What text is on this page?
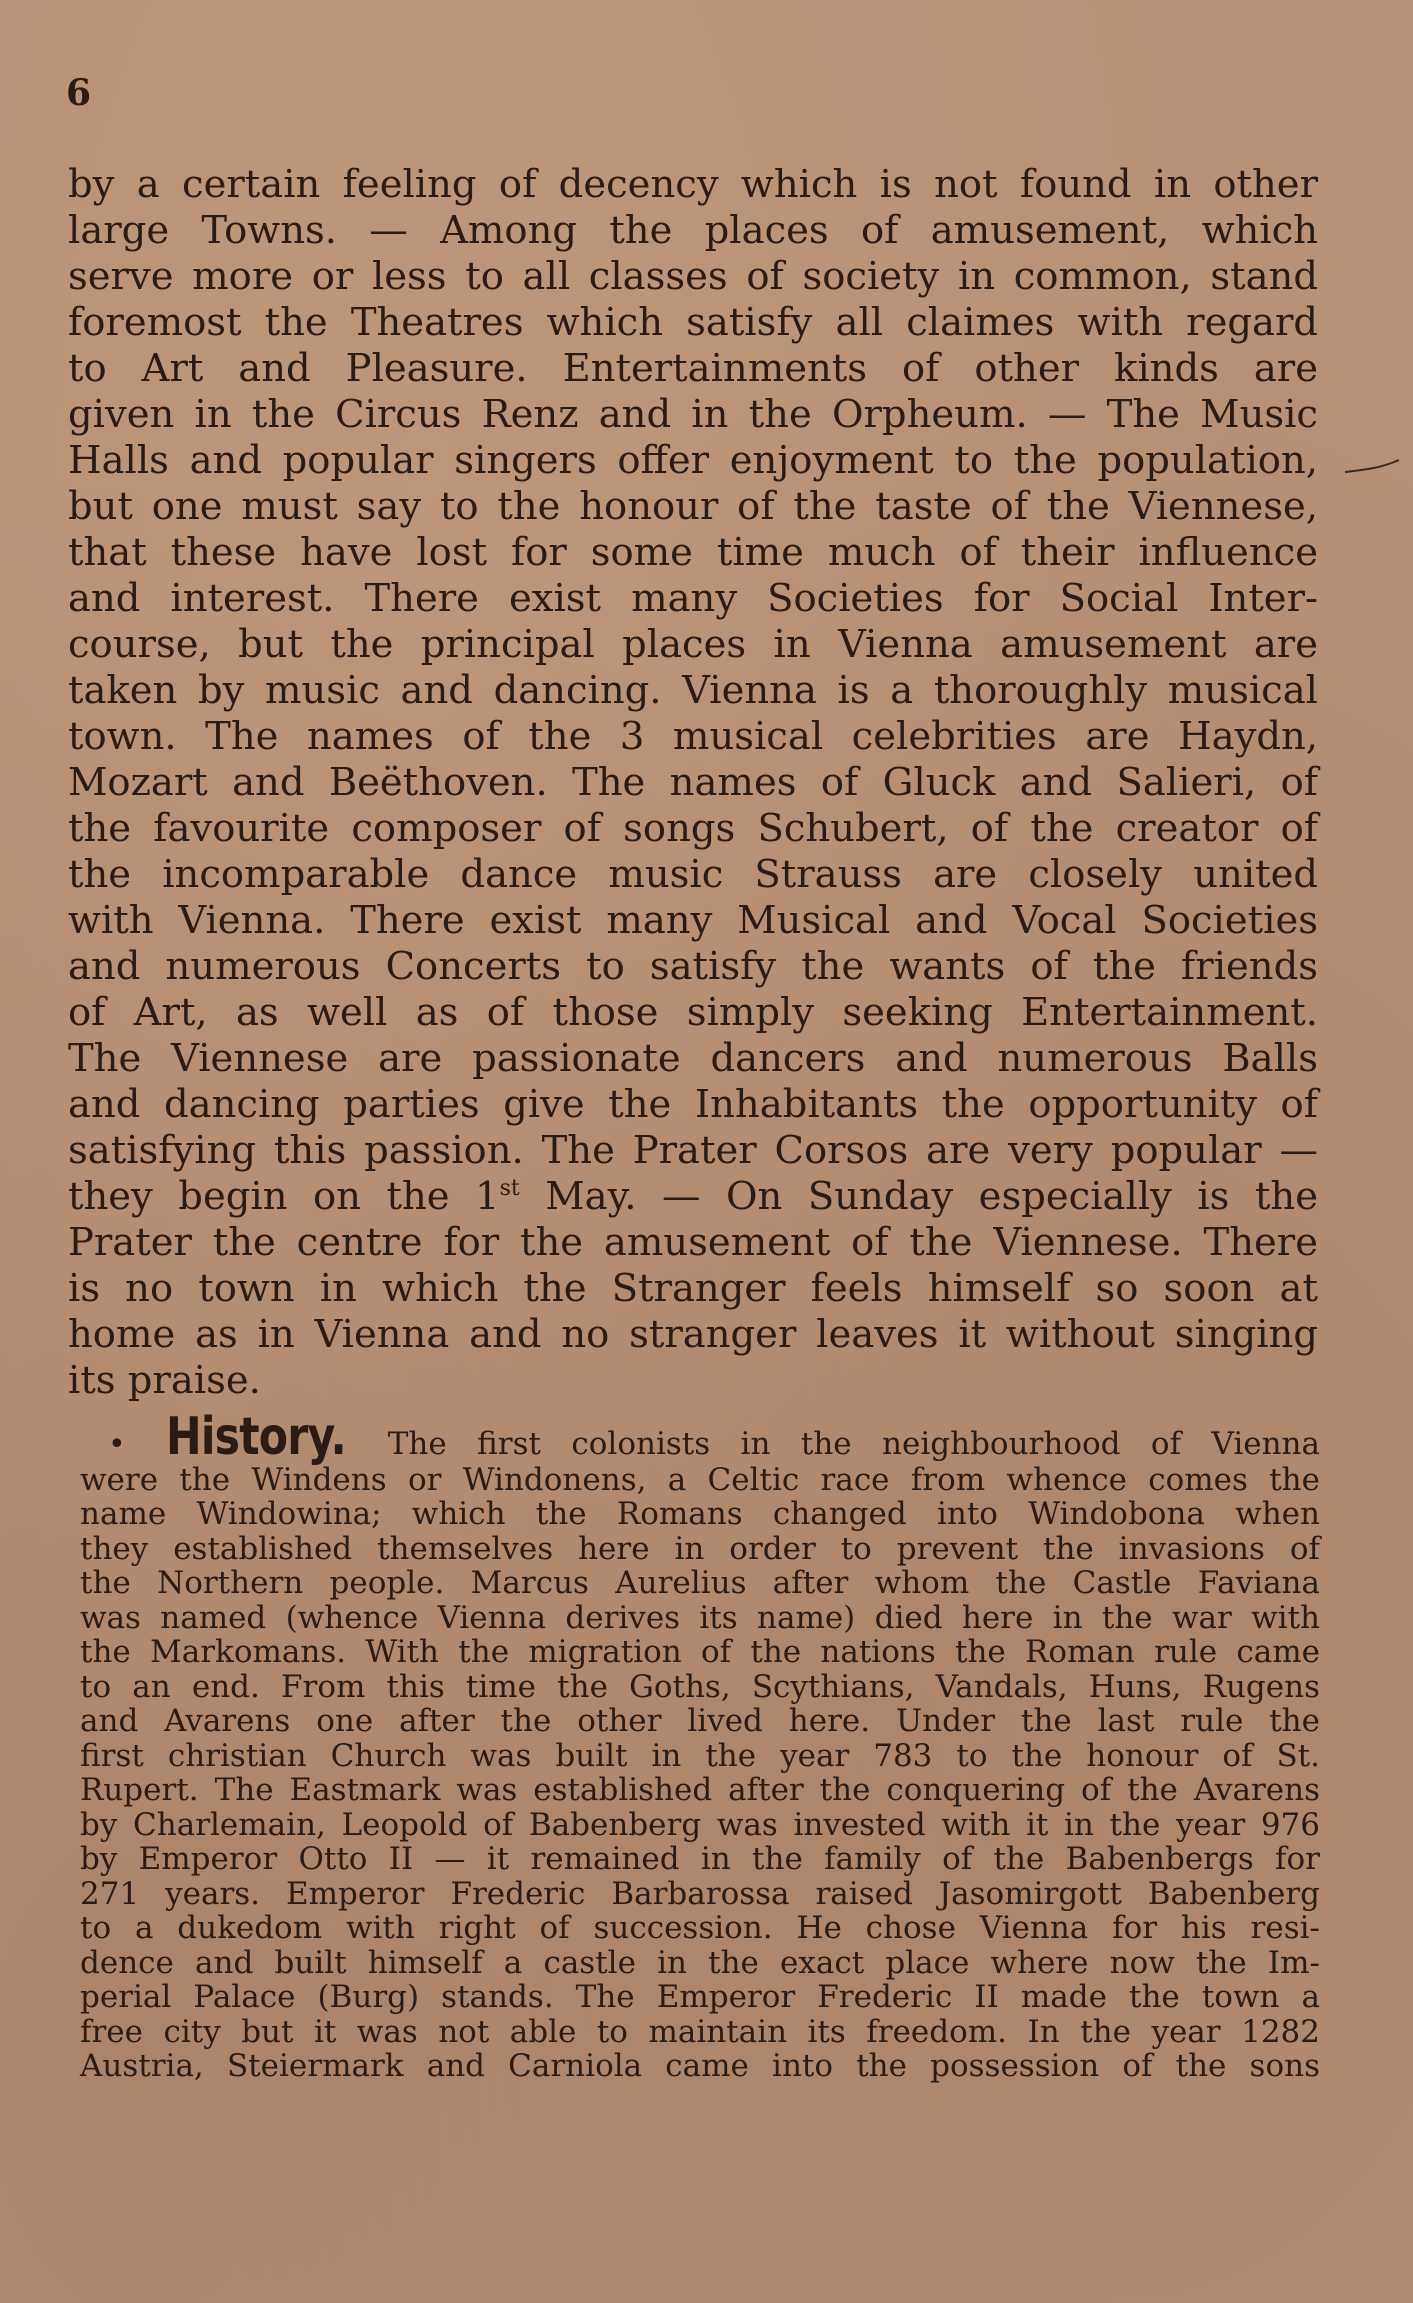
6
by a certain feeling of decency which is not found in other
large Towns. — Among the places of amusement, which
serve more or less to all classes of society in common, stand
foremost the Theatres which satisfy all claimes with regard
to Art and Pleasure. Entertainments of other kinds are
given in the Circus Renz and in the Orpheum. — The Music
Halls and popular singers offer enjoyment to the population,
but one must say to the honour of the taste of the Viennese,
that these have lost for some time much of their influence
and interest. There exist many Societies for Social Inter-
course, but the principal places in Vienna amusement are
taken by music and dancing. Vienna is a thoroughly musical
town. The names of the 3 musical celebrities are Haydn,
Mozart and Beëthoven. The names of Gluck and Salieri, of
the favourite composer of songs Schubert, of the creator of
the incomparable dance music Strauss are closely united
with Vienna. There exist many Musical and Vocal Societies
and numerous Concerts to satisfy the wants of the friends
of Art, as well as of those simply seeking Entertainment.
The Viennese are passionate dancers and numerous Balls
and dancing parties give the Inhabitants the opportunity of
satisfying this passion. The Prater Corsos are very popular —
they begin on the 1st May. — On Sunday especially is the
Prater the centre for the amusement of the Viennese. There
is no town in which the Stranger feels himself so soon at
home as in Vienna and no stranger leaves it without singing
its praise.
• History. The first colonists in the neighbourhood of Vienna
were the Windens or Windonens, a Celtic race from whence comes the
name Windowina; which the Romans changed into Windobona when
they established themselves here in order to prevent the invasions of
the Northern people. Marcus Aurelius after whom the Castle Faviana
was named (whence Vienna derives its name) died here in the war with
the Markomans. With the migration of the nations the Roman rule came
to an end. From this time the Goths, Scythians, Vandals, Huns, Rugens
and Avarens one after the other lived here. Under the last rule the
first christian Church was built in the year 783 to the honour of St.
Rupert. The Eastmark was established after the conquering of the Avarens
by Charlemain, Leopold of Babenberg was invested with it in the year 976
by Emperor Otto II — it remained in the family of the Babenbergs for
271 years. Emperor Frederic Barbarossa raised Jasomirgott Babenberg
to a dukedom with right of succession. He chose Vienna for his resi-
dence and built himself a castle in the exact place where now the Im-
perial Palace (Burg) stands. The Emperor Frederic II made the town a
free city but it was not able to maintain its freedom. In the year 1282
Austria, Steiermark and Carniola came into the possession of the sons
